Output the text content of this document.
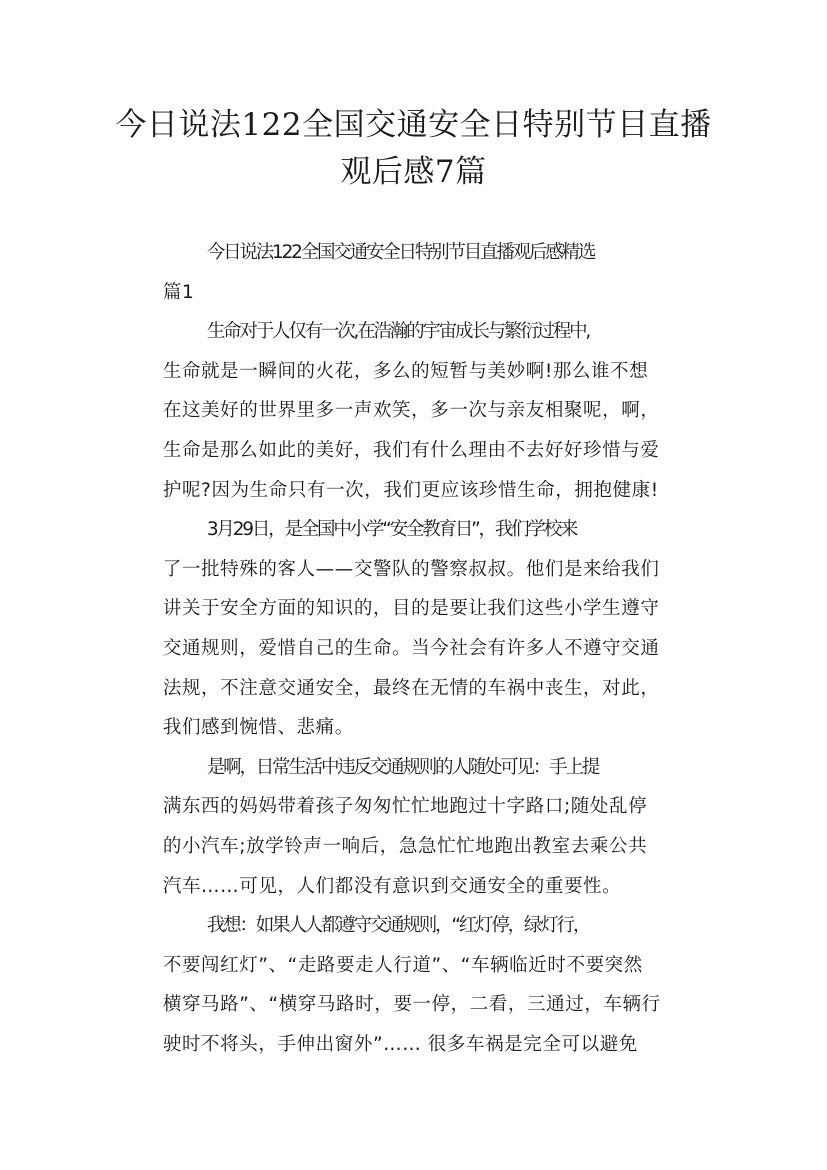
今日说法122全国交通安全日特别节目直播
观后感7篇

今日说法122全国交通安全日特别节目直播观后感精选
篇1

生命对于人仅有一次,在浩瀚的宇宙成长与繁衍过程中,
生命就是一瞬间的火花，多么的短暂与美妙啊!那么谁不想
在这美好的世界里多一声欢笑，多一次与亲友相聚呢，啊，
生命是那么如此的美好，我们有什么理由不去好好珍惜与爱
护呢?因为生命只有一次，我们更应该珍惜生命，拥抱健康!

3月29日，是全国中小学“安全教育日”，我们学校来
了一批特殊的客人——交警队的警察叔叔。他们是来给我们
讲关于安全方面的知识的，目的是要让我们这些小学生遵守
交通规则，爱惜自己的生命。当今社会有许多人不遵守交通
法规，不注意交通安全，最终在无情的车祸中丧生，对此，
我们感到惋惜、悲痛。

是啊，日常生活中违反交通规则的人随处可见：手上提
满东西的妈妈带着孩子匆匆忙忙地跑过十字路口;随处乱停
的小汽车;放学铃声一响后，急急忙忙地跑出教室去乘公共
汽车……可见，人们都没有意识到交通安全的重要性。

我想：如果人人都遵守交通规则，“红灯停，绿灯行，
不要闯红灯”、“走路要走人行道”、“车辆临近时不要突然
横穿马路”、“横穿马路时，要一停，二看，三通过，车辆行
驶时不将头，手伸出窗外”…… 很多车祸是完全可以避免
